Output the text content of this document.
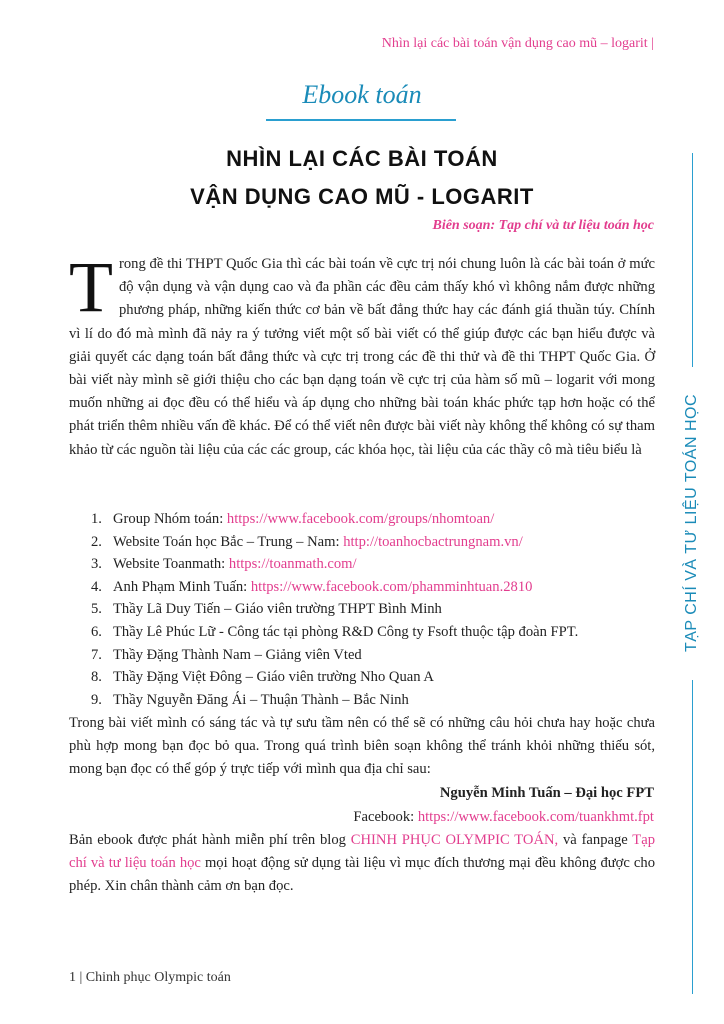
Nhìn lại các bài toán vận dụng cao mũ – logarit |
Ebook toán
NHÌN LẠI CÁC BÀI TOÁN
VẬN DỤNG CAO MŨ - LOGARIT
Biên soạn: Tạp chí và tư liệu toán học
Trong đề thi THPT Quốc Gia thì các bài toán về cực trị nói chung luôn là các bài toán ở mức độ vận dụng và vận dụng cao và đa phần các đều cảm thấy khó vì không nắm được những phương pháp, những kiến thức cơ bản về bất đẳng thức hay các đánh giá thuần túy. Chính vì lí do đó mà mình đã nảy ra ý tưởng viết một số bài viết có thể giúp được các bạn hiểu được và giải quyết các dạng toán bất đẳng thức và cực trị trong các đề thi thử và đề thi THPT Quốc Gia. Ở bài viết này mình sẽ giới thiệu cho các bạn dạng toán về cực trị của hàm số mũ – logarit với mong muốn những ai đọc đều có thể hiểu và áp dụng cho những bài toán khác phức tạp hơn hoặc có thể phát triển thêm nhiều vấn đề khác. Để có thể viết nên được bài viết này không thể không có sự tham khảo từ các nguồn tài liệu của các các group, các khóa học, tài liệu của các thầy cô mà tiêu biểu là
1. Group Nhóm toán: https://www.facebook.com/groups/nhomtoan/
2. Website Toán học Bắc – Trung – Nam: http://toanhocbactrungnam.vn/
3. Website Toanmath: https://toanmath.com/
4. Anh Phạm Minh Tuấn: https://www.facebook.com/phamminhtuan.2810
5. Thầy Lã Duy Tiến – Giáo viên trường THPT Bình Minh
6. Thầy Lê Phúc Lữ - Công tác tại phòng R&D Công ty Fsoft thuộc tập đoàn FPT.
7. Thầy Đặng Thành Nam – Giảng viên Vted
8. Thầy Đặng Việt Đông – Giáo viên trường Nho Quan A
9. Thầy Nguyễn Đăng Ái – Thuận Thành – Bắc Ninh
Trong bài viết mình có sáng tác và tự sưu tầm nên có thể sẽ có những câu hỏi chưa hay hoặc chưa phù hợp mong bạn đọc bỏ qua. Trong quá trình biên soạn không thể tránh khỏi những thiếu sót, mong bạn đọc có thể góp ý trực tiếp với mình qua địa chỉ sau:
Nguyễn Minh Tuấn – Đại học FPT
Facebook: https://www.facebook.com/tuankhmt.fpt
Bản ebook được phát hành miễn phí trên blog CHINH PHỤC OLYMPIC TOÁN, và fanpage Tạp chí và tư liệu toán học mọi hoạt động sử dụng tài liệu vì mục đích thương mại đều không được cho phép. Xin chân thành cảm ơn bạn đọc.
TẠP CHÍ VÀ TƯ LIỆU TOÁN HỌC
1 | Chinh phục Olympic toán
